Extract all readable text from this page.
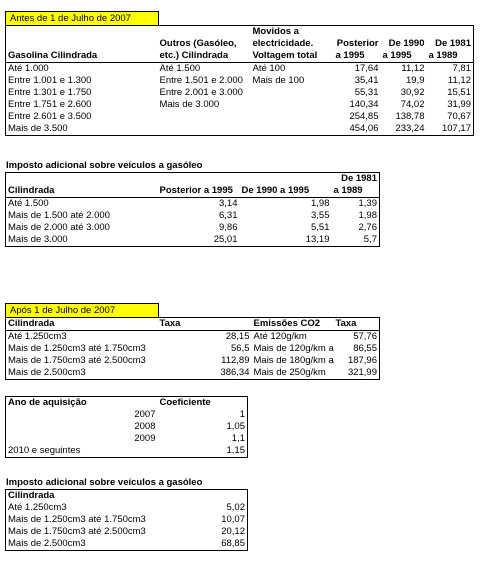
Antes de 1 de Julho de 2007
		Movidos a			
	Outros (Gasóleo,	electricidade.	Posterior	De 1990	De 1981
Gasolina Cilindrada	etc.) Cilindrada	Voltagem total	a 1995	a 1995	a 1989
Até 1.000	Até 1.500	Até 100	17,64	11,12	7,81
Entre 1.001 e 1.300	Entre 1.501 e 2.000	Mais de 100	35,41	19,9	11,12
Entre 1.301 e 1.750	Entre 2.001 e 3.000		55,31	30,92	15,51
Entre 1.751 e 2.600	Mais de 3.000		140,34	74,02	31,99
Entre 2.601 e 3.500			254,85	138,78	70,67
Mais de 3.500			454,06	233,24	107,17
Imposto adicional sobre veículos a gasóleo
			De 1981
Cilindrada	Posterior a 1995	De 1990 a 1995	a 1989
Até 1.500	3,14	1,98	1,39
Mais de 1.500 até 2.000	6,31	3,55	1,98
Mais de 2.000 até 3.000	9,86	5,51	2,76
Mais de 3.000	25,01	13,19	5,7
Após 1 de Julho de 2007
Cilindrada	Taxa	Emissões CO2	Taxa
Até 1.250cm3	28,15	Até 120g/km	57,76
Mais de 1.250cm3 até 1.750cm3	56,5	Mais de 120g/km a	86,55
Mais de 1.750cm3 até 2.500cm3	112,89	Mais de 180g/km a	187,96
Mais de 2.500cm3	386,34	Mais de 250g/km	321,99
Ano de aquisição	Coeficiente
2007	1
2008	1,05
2009	1,1
2010 e seguintes	1,15
Imposto adicional sobre veículos a gasóleo
Cilindrada	
Até 1.250cm3	5,02
Mais de 1.250cm3 até 1.750cm3	10,07
Mais de 1.750cm3 até 2.500cm3	20,12
Mais de 2.500cm3	68,85
